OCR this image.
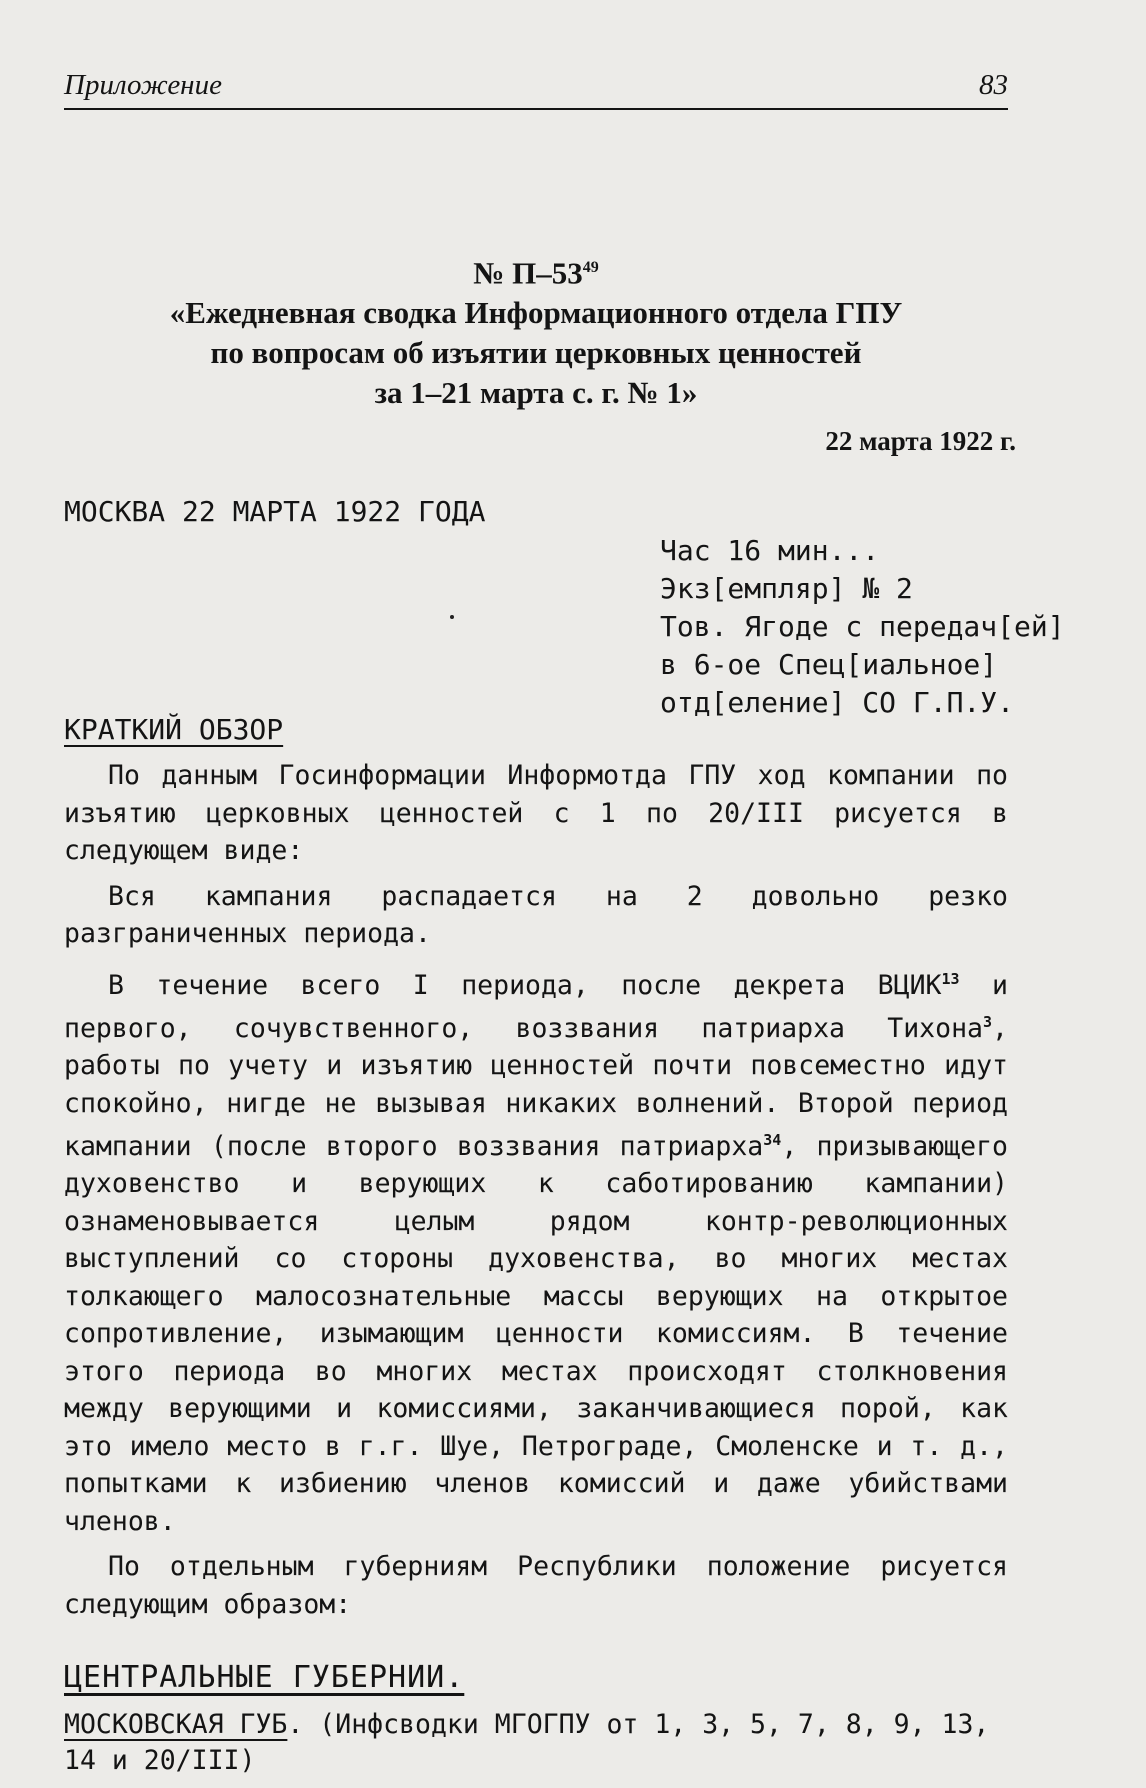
Приложение	83
№ $П-53^{49}$
«Ежедневная сводка Информационного отдела ГПУ
по вопросам об изъятии церковных ценностей
за 1–21 марта с. г. № 1»
22 марта 1922 г.
МОСКВА 22 МАРТА 1922 ГОДА
Час 16 мин...
Экз[емпляр] № 2
Тов. Ягоде с передач[ей]
в 6-ое Спец[иальное]
отд[еление] СО Г.П.У.
КРАТКИЙ ОБЗОР

По данным Госинформации Информотда ГПУ ход компании по изъятию церковных ценностей с 1 по 20/III рисуется в следующем виде:

Вся кампания распадается на 2 довольно резко разграниченных периода.

В течение всего I периода, после декрета ВЦИК$^{13}$ и первого, сочувственного, воззвания патриарха Тихона$^3$, работы по учету и изъятию ценностей почти повсеместно идут спокойно, нигде не вызывая никаких волнений. Второй период кампании (после второго воззвания патриарха$^{34}$, призывающего духовенство и верующих к саботированию кампании) ознаменовывается целым рядом контр-революционных выступлений со стороны духовенства, во многих местах толкающего малосознательные массы верующих на открытое сопротивление, изымающим ценности комиссиям. В течение этого периода во многих местах происходят столкновения между верующими и комиссиями, заканчивающиеся порой, как это имело место в г.г. Шуе, Петрограде, Смоленске и т. д., попытками к избиению членов комиссий и даже убийствами членов.

По отдельным губерниям Республики положение рисуется следующим образом:

ЦЕНТРАЛЬНЫЕ ГУБЕРНИИ.
МОСКОВСКАЯ ГУБ. (Инфсводки МГОГПУ от 1, 3, 5, 7, 8, 9, 13, 14 и 20/III)
